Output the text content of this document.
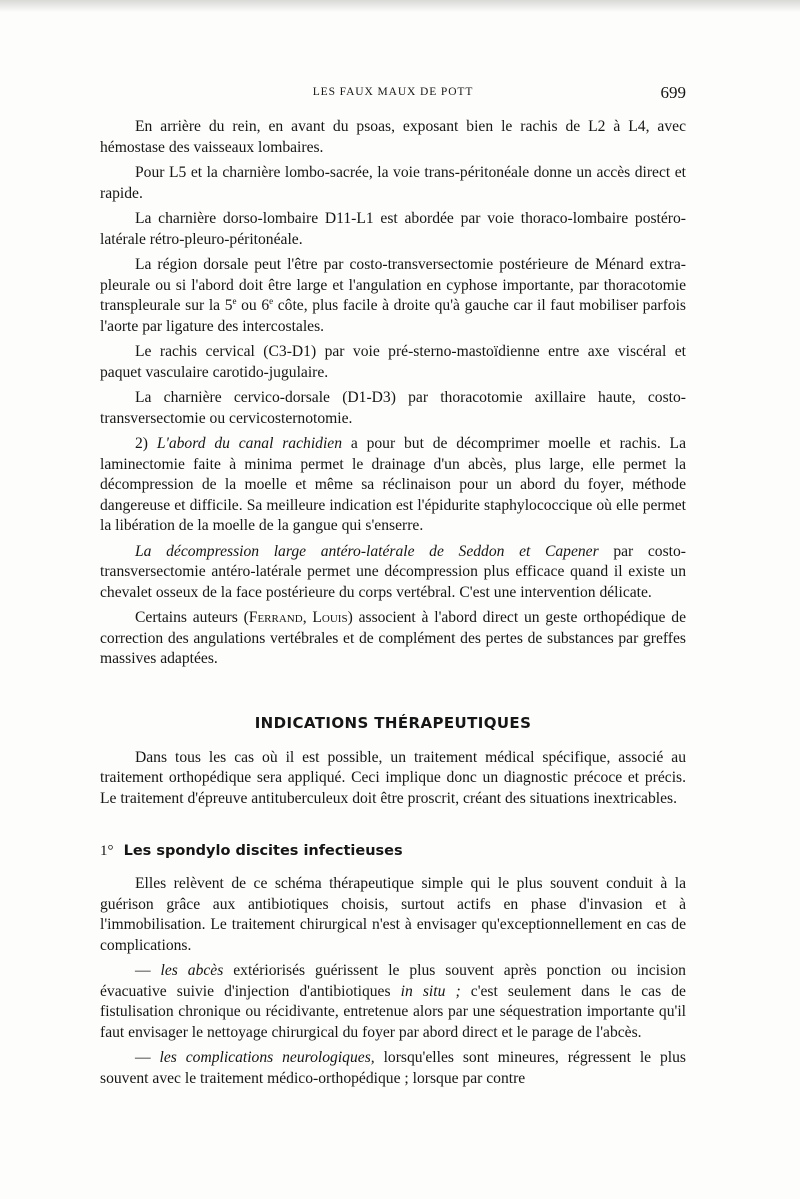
LES FAUX MAUX DE POTT	699

En arrière du rein, en avant du psoas, exposant bien le rachis de L2 à L4, avec hémostase des vaisseaux lombaires.

Pour L5 et la charnière lombo-sacrée, la voie trans-péritonéale donne un accès direct et rapide.

La charnière dorso-lombaire D11-L1 est abordée par voie thoraco-lombaire postéro-latérale rétro-pleuro-péritonéale.

La région dorsale peut l'être par costo-transversectomie postérieure de Ménard extra-pleurale ou si l'abord doit être large et l'angulation en cyphose importante, par thoracotomie transpleurale sur la 5e ou 6e côte, plus facile à droite qu'à gauche car il faut mobiliser parfois l'aorte par ligature des intercostales.

Le rachis cervical (C3-D1) par voie pré-sterno-mastoïdienne entre axe viscéral et paquet vasculaire carotido-jugulaire.

La charnière cervico-dorsale (D1-D3) par thoracotomie axillaire haute, costo-transversectomie ou cervicosternotomie.

2) L'abord du canal rachidien a pour but de décomprimer moelle et rachis. La laminectomie faite à minima permet le drainage d'un abcès, plus large, elle permet la décompression de la moelle et même sa réclinaison pour un abord du foyer, méthode dangereuse et difficile. Sa meilleure indication est l'épidurite staphylococcique où elle permet la libération de la moelle de la gangue qui s'enserre.

La décompression large antéro-latérale de Seddon et Capener par costo-transversectomie antéro-latérale permet une décompression plus efficace quand il existe un chevalet osseux de la face postérieure du corps vertébral. C'est une intervention délicate.

Certains auteurs (Ferrand, Louis) associent à l'abord direct un geste orthopédique de correction des angulations vertébrales et de complément des pertes de substances par greffes massives adaptées.

INDICATIONS THÉRAPEUTIQUES

Dans tous les cas où il est possible, un traitement médical spécifique, associé au traitement orthopédique sera appliqué. Ceci implique donc un diagnostic précoce et précis. Le traitement d'épreuve antituberculeux doit être proscrit, créant des situations inextricables.

1° Les spondylo discites infectieuses

Elles relèvent de ce schéma thérapeutique simple qui le plus souvent conduit à la guérison grâce aux antibiotiques choisis, surtout actifs en phase d'invasion et à l'immobilisation. Le traitement chirurgical n'est à envisager qu'exceptionnellement en cas de complications.

— les abcès extériorisés guérissent le plus souvent après ponction ou incision évacuative suivie d'injection d'antibiotiques in situ ; c'est seulement dans le cas de fistulisation chronique ou récidivante, entretenue alors par une séquestration importante qu'il faut envisager le nettoyage chirurgical du foyer par abord direct et le parage de l'abcès.

— les complications neurologiques, lorsqu'elles sont mineures, régressent le plus souvent avec le traitement médico-orthopédique ; lorsque par contre
